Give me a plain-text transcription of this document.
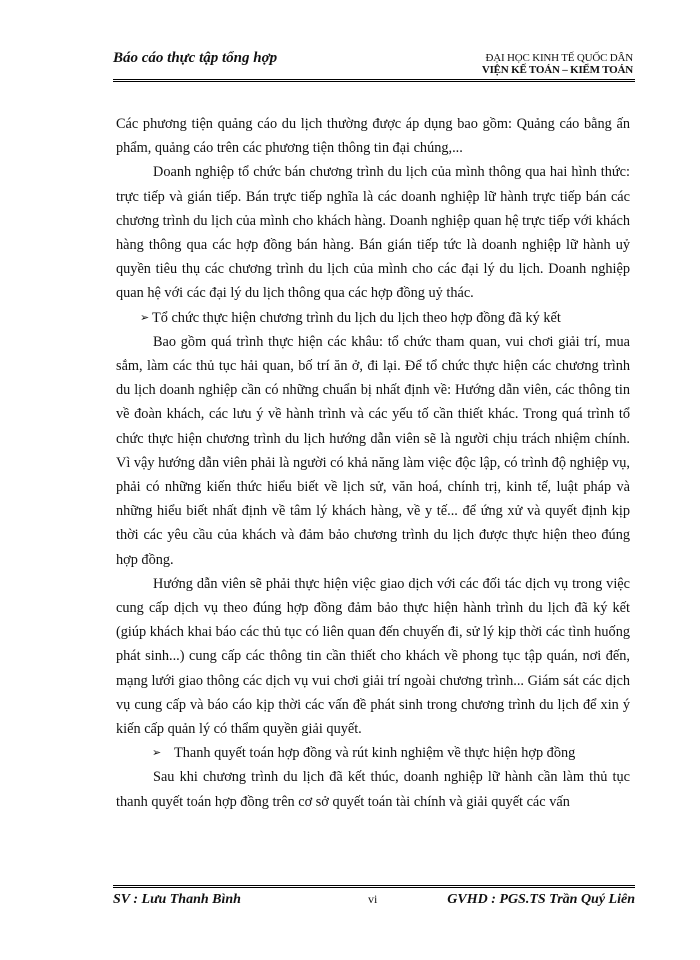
Báo cáo thực tập tổng hợp	ĐẠI HỌC KINH TẾ QUỐC DÂN
VIỆN KẾ TOÁN – KIỂM TOÁN

Các phương tiện quảng cáo du lịch thường được áp dụng bao gồm: Quảng cáo bằng ấn phẩm, quảng cáo trên các phương tiện thông tin đại chúng,...

Doanh nghiệp tổ chức bán chương trình du lịch của mình thông qua hai hình thức: trực tiếp và gián tiếp. Bán trực tiếp nghĩa là các doanh nghiệp lữ hành trực tiếp bán các chương trình du lịch của mình cho khách hàng. Doanh nghiệp quan hệ trực tiếp với khách hàng thông qua các hợp đồng bán hàng. Bán gián tiếp tức là doanh nghiệp lữ hành uỷ quyền tiêu thụ các chương trình du lịch của mình cho các đại lý du lịch. Doanh nghiệp quan hệ với các đại lý du lịch thông qua các hợp đồng uỷ thác.

➢ Tổ chức thực hiện chương trình du lịch du lịch theo hợp đồng đã ký kết

Bao gồm quá trình thực hiện các khâu: tổ chức tham quan, vui chơi giải trí, mua sắm, làm các thủ tục hải quan, bố trí ăn ở, đi lại. Để tổ chức thực hiện các chương trình du lịch doanh nghiệp cần có những chuẩn bị nhất định về: Hướng dẫn viên, các thông tin về đoàn khách, các lưu ý về hành trình và các yếu tố cần thiết khác. Trong quá trình tổ chức thực hiện chương trình du lịch hướng dẫn viên sẽ là người chịu trách nhiệm chính. Vì vậy hướng dẫn viên phải là người có khả năng làm việc độc lập, có trình độ nghiệp vụ, phải có những kiến thức hiểu biết về lịch sử, văn hoá, chính trị, kinh tế, luật pháp và những hiểu biết nhất định về tâm lý khách hàng, về y tế... để ứng xử và quyết định kịp thời các yêu cầu của khách và đảm bảo chương trình du lịch được thực hiện theo đúng hợp đồng.

Hướng dẫn viên sẽ phải thực hiện việc giao dịch với các đối tác dịch vụ trong việc cung cấp dịch vụ theo đúng hợp đồng đảm bảo thực hiện hành trình du lịch đã ký kết (giúp khách khai báo các thủ tục có liên quan đến chuyến đi, sử lý kịp thời các tình huống phát sinh...) cung cấp các thông tin cần thiết cho khách về phong tục tập quán, nơi đến, mạng lưới giao thông các dịch vụ vui chơi giải trí ngoài chương trình... Giám sát các dịch vụ cung cấp và báo cáo kịp thời các vấn đề phát sinh trong chương trình du lịch để xin ý kiến cấp quản lý có thẩm quyền giải quyết.

➢ Thanh quyết toán hợp đồng và rút kinh nghiệm về thực hiện hợp đồng

Sau khi chương trình du lịch đã kết thúc, doanh nghiệp lữ hành cần làm thủ tục thanh quyết toán hợp đồng trên cơ sở quyết toán tài chính và giải quyết các vấn

SV : Lưu Thanh Bình	vi	GVHD : PGS.TS Trần Quý Liên
